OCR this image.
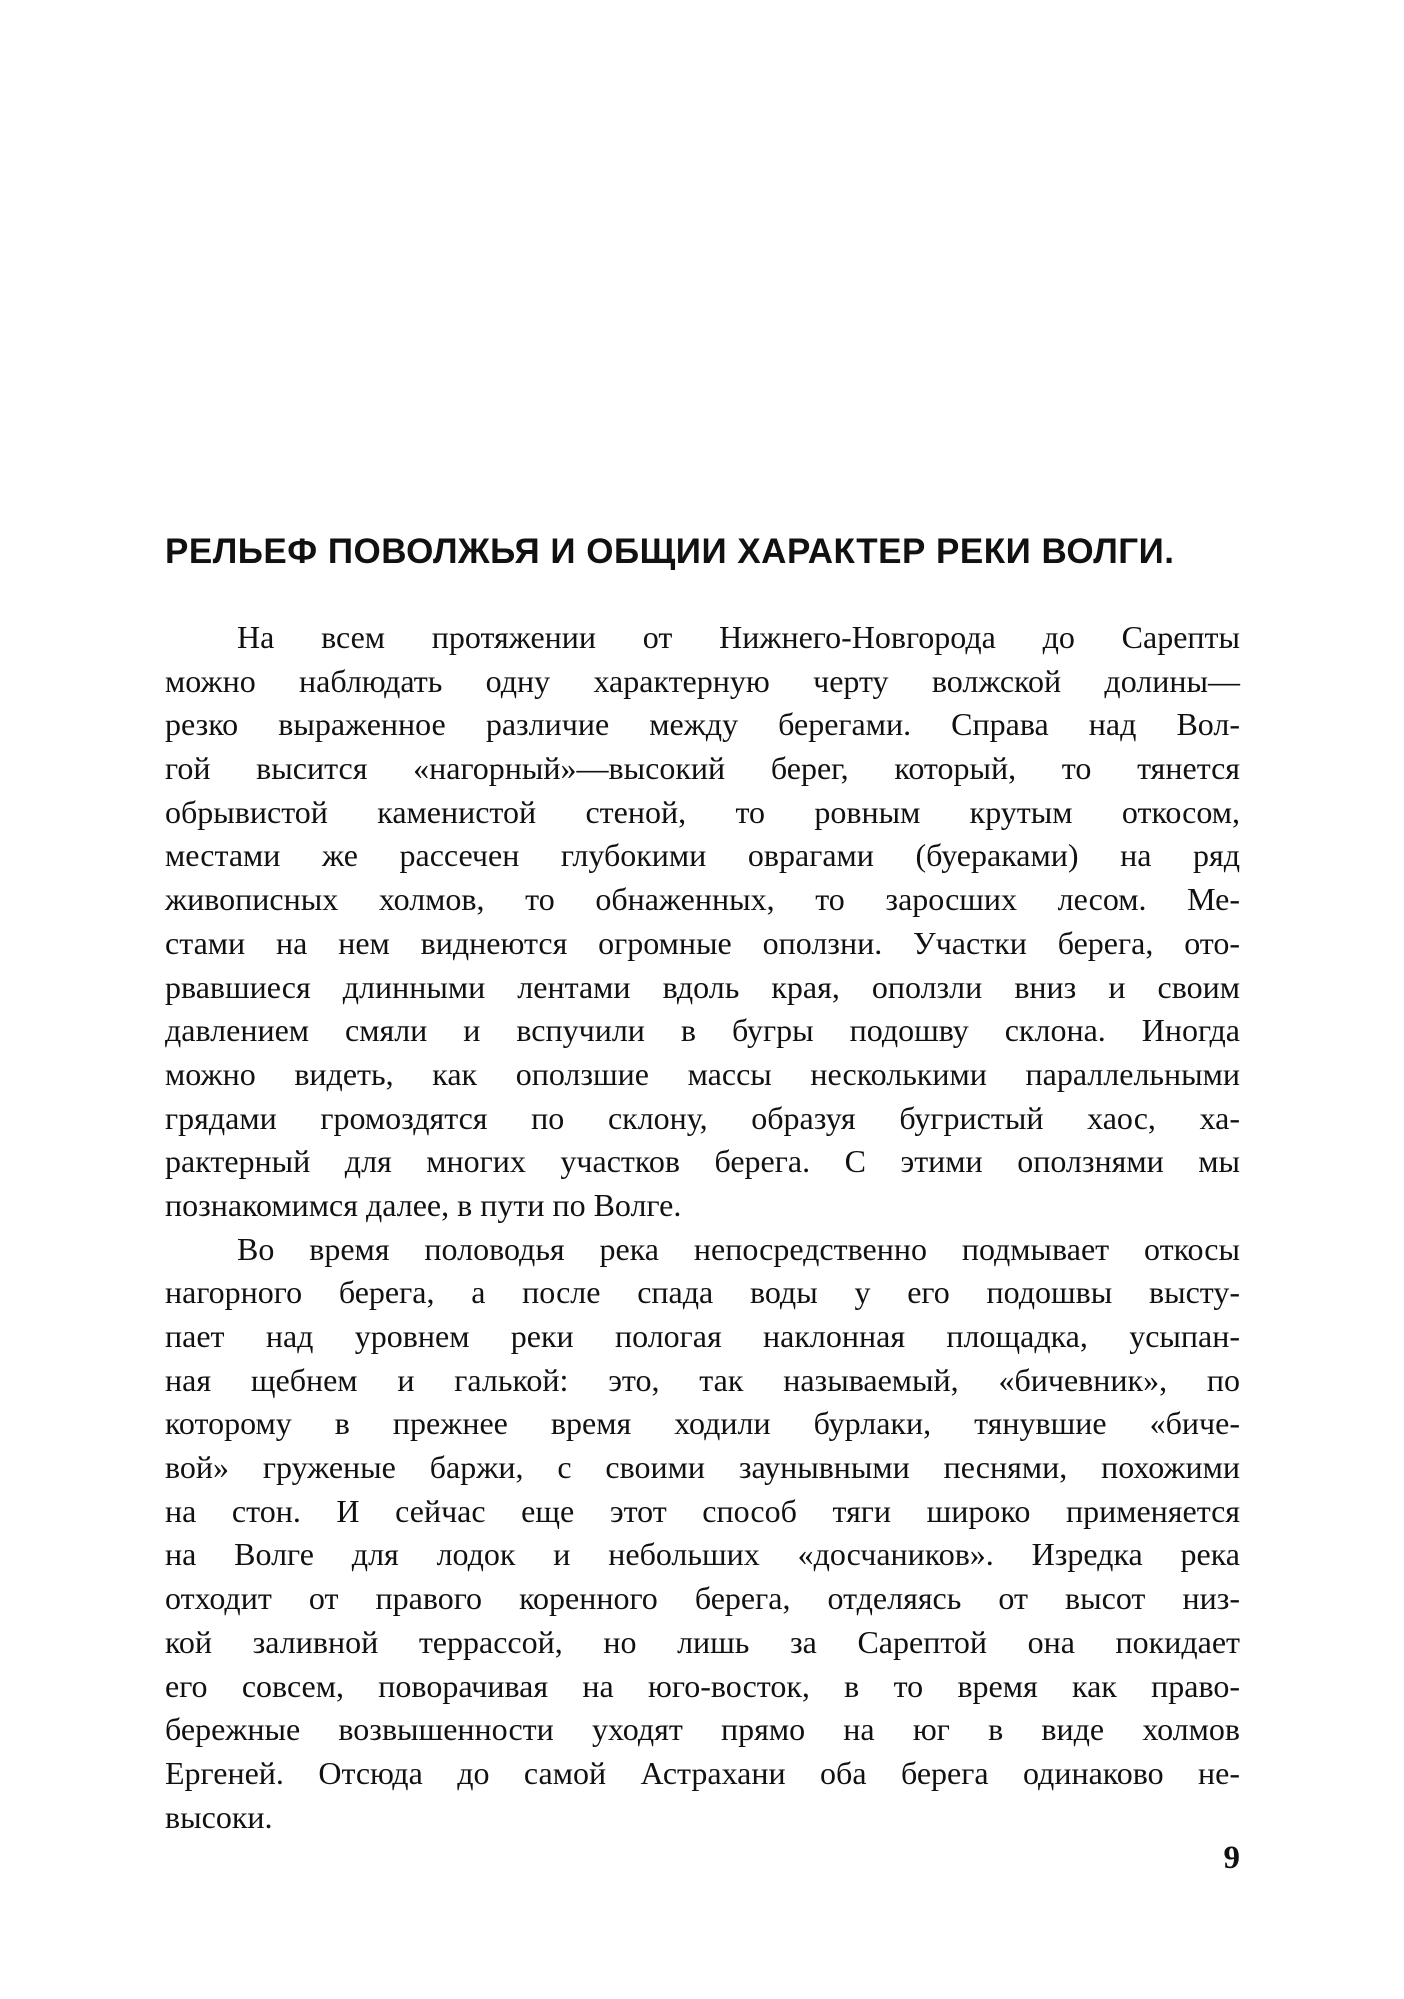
РЕЛЬЕФ ПОВОЛЖЬЯ И ОБЩИИ ХАРАКТЕР РЕКИ ВОЛГИ.
На всем протяжении от Нижнего-Новгорода до Сарепты
можно наблюдать одну характерную черту волжской долины—
резко выраженное различие между берегами. Справа над Вол-
гой высится «нагорный»—высокий берег, который, то тянется
обрывистой каменистой стеной, то ровным крутым откосом,
местами же рассечен глубокими оврагами (буераками) на ряд
живописных холмов, то обнаженных, то заросших лесом. Ме-
стами на нем виднеются огромные оползни. Участки берега, ото-
рвавшиеся длинными лентами вдоль края, оползли вниз и своим
давлением смяли и вспучили в бугры подошву склона. Иногда
можно видеть, как оползшие массы несколькими параллельными
грядами громоздятся по склону, образуя бугристый хаос, ха-
рактерный для многих участков берега. С этими оползнями мы
познакомимся далее, в пути по Волге.
Во время половодья река непосредственно подмывает откосы
нагорного берега, а после спада воды у его подошвы высту-
пает над уровнем реки пологая наклонная площадка, усыпан-
ная щебнем и галькой: это, так называемый, «бичевник», по
которому в прежнее время ходили бурлаки, тянувшие «биче-
вой» груженые баржи, с своими заунывными песнями, похожими
на стон. И сейчас еще этот способ тяги широко применяется
на Волге для лодок и небольших «досчаников». Изредка река
отходит от правого коренного берега, отделяясь от высот низ-
кой заливной террассой, но лишь за Сарептой она покидает
его совсем, поворачивая на юго-восток, в то время как право-
бережные возвышенности уходят прямо на юг в виде холмов
Ергеней. Отсюда до самой Астрахани оба берега одинаково не-
высоки.
9
